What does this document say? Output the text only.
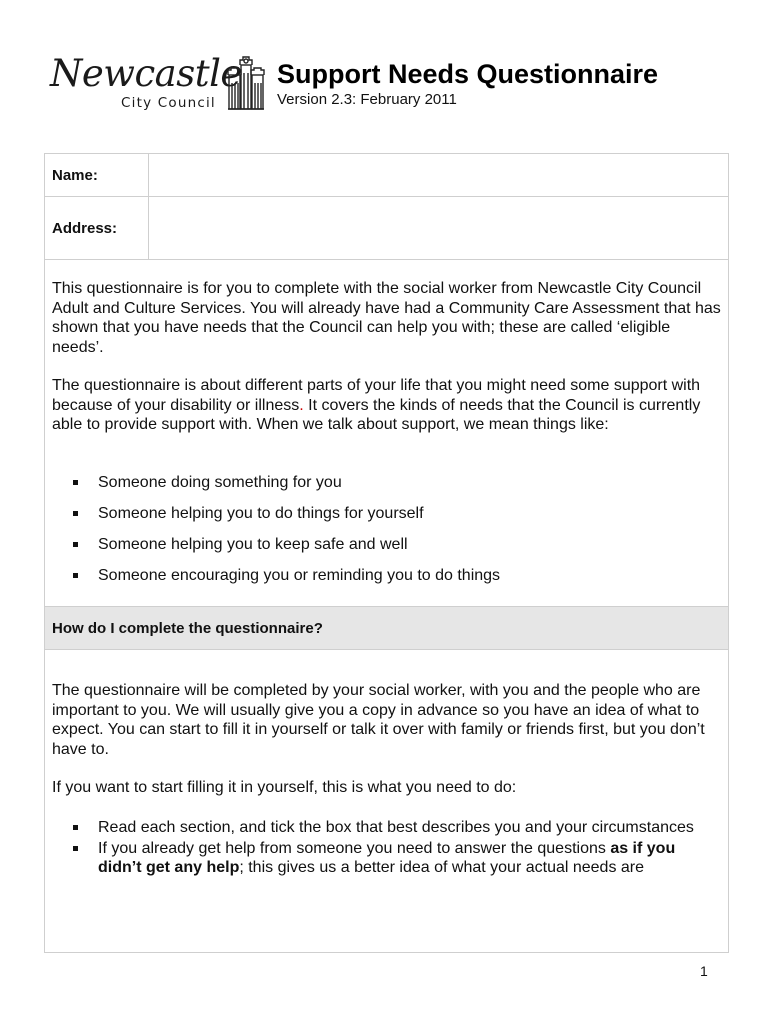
Newcastle
City Council
Support Needs Questionnaire
Version 2.3: February 2011
Name:
Address:

This questionnaire is for you to complete with the social worker from Newcastle City Council Adult and Culture Services. You will already have had a Community Care Assessment that has shown that you have needs that the Council can help you with; these are called ‘eligible needs’.

The questionnaire is about different parts of your life that you might need some support with because of your disability or illness. It covers the kinds of needs that the Council is currently able to provide support with. When we talk about support, we mean things like:

Someone doing something for you
Someone helping you to do things for yourself
Someone helping you to keep safe and well
Someone encouraging you or reminding you to do things
How do I complete the questionnaire?

The questionnaire will be completed by your social worker, with you and the people who are important to you. We will usually give you a copy in advance so you have an idea of what to expect. You can start to fill it in yourself or talk it over with family or friends first, but you don’t have to.

If you want to start filling it in yourself, this is what you need to do:

Read each section, and tick the box that best describes you and your circumstances
If you already get help from someone you need to answer the questions as if you didn’t get any help; this gives us a better idea of what your actual needs are
1
